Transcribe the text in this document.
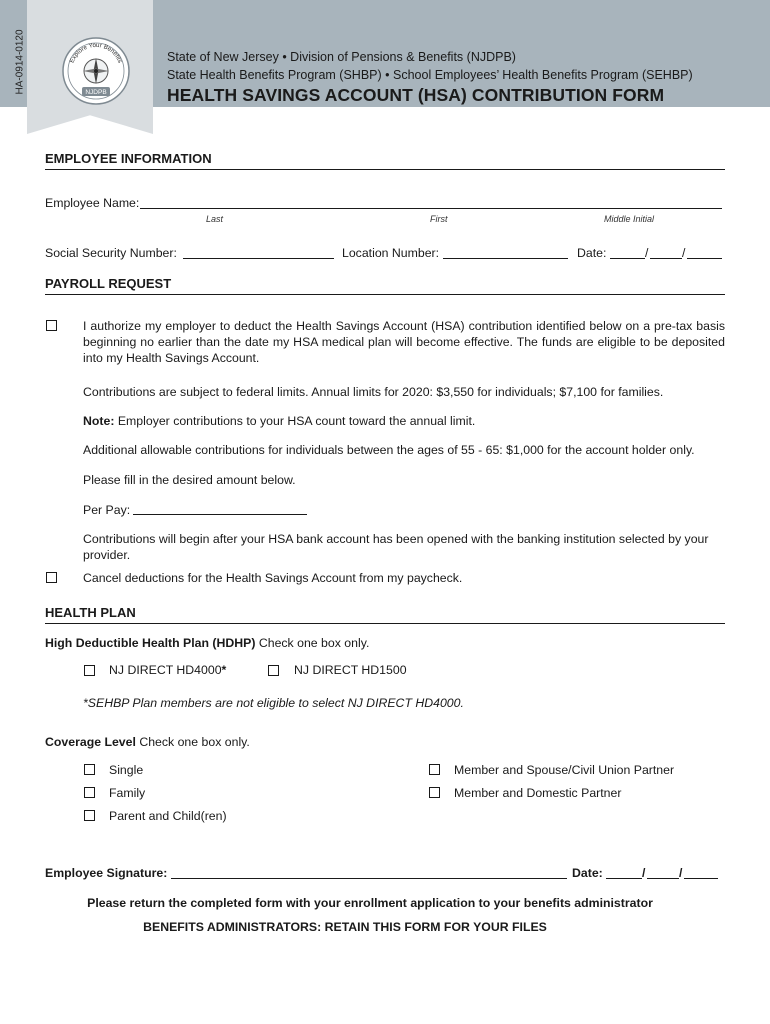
HA-0914-0120	Explore Your Benefits
NJDPB
State of New Jersey • Division of Pensions & Benefits (NJDPB)
State Health Benefits Program (SHBP) • School Employees’ Health Benefits Program (SEHBP)
HEALTH SAVINGS ACCOUNT (HSA) CONTRIBUTION FORM
EMPLOYEE INFORMATION
Employee Name:
Last	First	Middle Initial
Social Security Number:	Location Number:	Date:	/	/
PAYROLL REQUEST
I authorize my employer to deduct the Health Savings Account (HSA) contribution identified below on a pre-tax basis beginning no earlier than the date my HSA medical plan will become effective. The funds are eligible to be deposited into my Health Savings Account.
Contributions are subject to federal limits. Annual limits for 2020: $3,550 for individuals; $7,100 for families.
Note: Employer contributions to your HSA count toward the annual limit.
Additional allowable contributions for individuals between the ages of 55 - 65: $1,000 for the account holder only.
Please fill in the desired amount below.
Per Pay:
Contributions will begin after your HSA bank account has been opened with the banking institution selected by your provider.
Cancel deductions for the Health Savings Account from my paycheck.
HEALTH PLAN
High Deductible Health Plan (HDHP) Check one box only.
NJ DIRECT HD4000*	NJ DIRECT HD1500
*SEHBP Plan members are not eligible to select NJ DIRECT HD4000.
Coverage Level Check one box only.
Single
Family
Parent and Child(ren)
Member and Spouse/Civil Union Partner
Member and Domestic Partner
Employee Signature:	Date:	/	/
Please return the completed form with your enrollment application to your benefits administrator
BENEFITS ADMINISTRATORS: RETAIN THIS FORM FOR YOUR FILES
